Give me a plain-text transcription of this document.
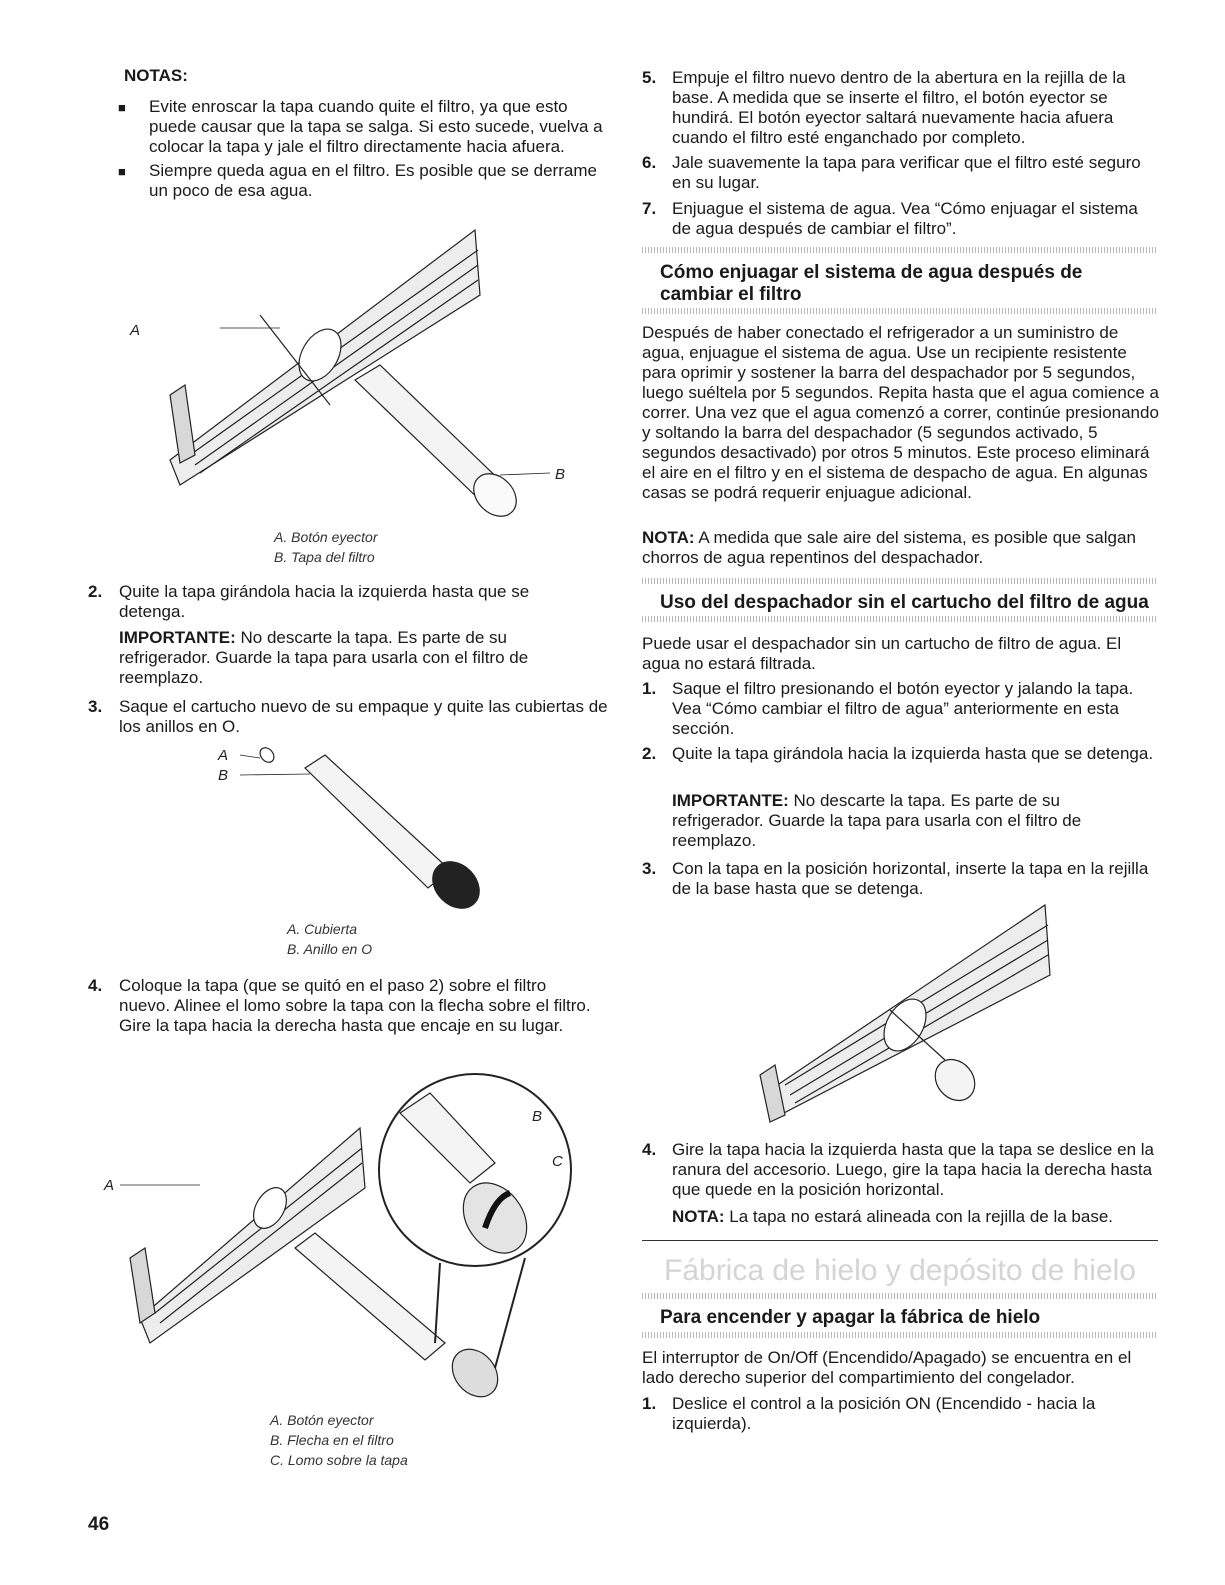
NOTAS:
■ Evite enroscar la tapa cuando quite el filtro, ya que esto puede causar que la tapa se salga. Si esto sucede, vuelva a colocar la tapa y jale el filtro directamente hacia afuera.
■ Siempre queda agua en el filtro. Es posible que se derrame un poco de esa agua.
A
B
A. Botón eyector
B. Tapa del filtro
2. Quite la tapa girándola hacia la izquierda hasta que se detenga.
IMPORTANTE: No descarte la tapa. Es parte de su refrigerador. Guarde la tapa para usarla con el filtro de reemplazo.
3. Saque el cartucho nuevo de su empaque y quite las cubiertas de los anillos en O.
A
B
A. Cubierta
B. Anillo en O
4. Coloque la tapa (que se quitó en el paso 2) sobre el filtro nuevo. Alinee el lomo sobre la tapa con la flecha sobre el filtro. Gire la tapa hacia la derecha hasta que encaje en su lugar.
A
B
C
A. Botón eyector
B. Flecha en el filtro
C. Lomo sobre la tapa
46
5. Empuje el filtro nuevo dentro de la abertura en la rejilla de la base. A medida que se inserte el filtro, el botón eyector se hundirá. El botón eyector saltará nuevamente hacia afuera cuando el filtro esté enganchado por completo.
6. Jale suavemente la tapa para verificar que el filtro esté seguro en su lugar.
7. Enjuague el sistema de agua. Vea “Cómo enjuagar el sistema de agua después de cambiar el filtro”.
Cómo enjuagar el sistema de agua después de cambiar el filtro
Después de haber conectado el refrigerador a un suministro de agua, enjuague el sistema de agua. Use un recipiente resistente para oprimir y sostener la barra del despachador por 5 segundos, luego suéltela por 5 segundos. Repita hasta que el agua comience a correr. Una vez que el agua comenzó a correr, continúe presionando y soltando la barra del despachador (5 segundos activado, 5 segundos desactivado) por otros 5 minutos. Este proceso eliminará el aire en el filtro y en el sistema de despacho de agua. En algunas casas se podrá requerir enjuague adicional.
NOTA: A medida que sale aire del sistema, es posible que salgan chorros de agua repentinos del despachador.
Uso del despachador sin el cartucho del filtro de agua
Puede usar el despachador sin un cartucho de filtro de agua. El agua no estará filtrada.
1. Saque el filtro presionando el botón eyector y jalando la tapa. Vea “Cómo cambiar el filtro de agua” anteriormente en esta sección.
2. Quite la tapa girándola hacia la izquierda hasta que se detenga.
IMPORTANTE: No descarte la tapa. Es parte de su refrigerador. Guarde la tapa para usarla con el filtro de reemplazo.
3. Con la tapa en la posición horizontal, inserte la tapa en la rejilla de la base hasta que se detenga.
4. Gire la tapa hacia la izquierda hasta que la tapa se deslice en la ranura del accesorio. Luego, gire la tapa hacia la derecha hasta que quede en la posición horizontal.
NOTA: La tapa no estará alineada con la rejilla de la base.
Fábrica de hielo y depósito de hielo
Para encender y apagar la fábrica de hielo
El interruptor de On/Off (Encendido/Apagado) se encuentra en el lado derecho superior del compartimiento del congelador.
1. Deslice el control a la posición ON (Encendido - hacia la izquierda).
